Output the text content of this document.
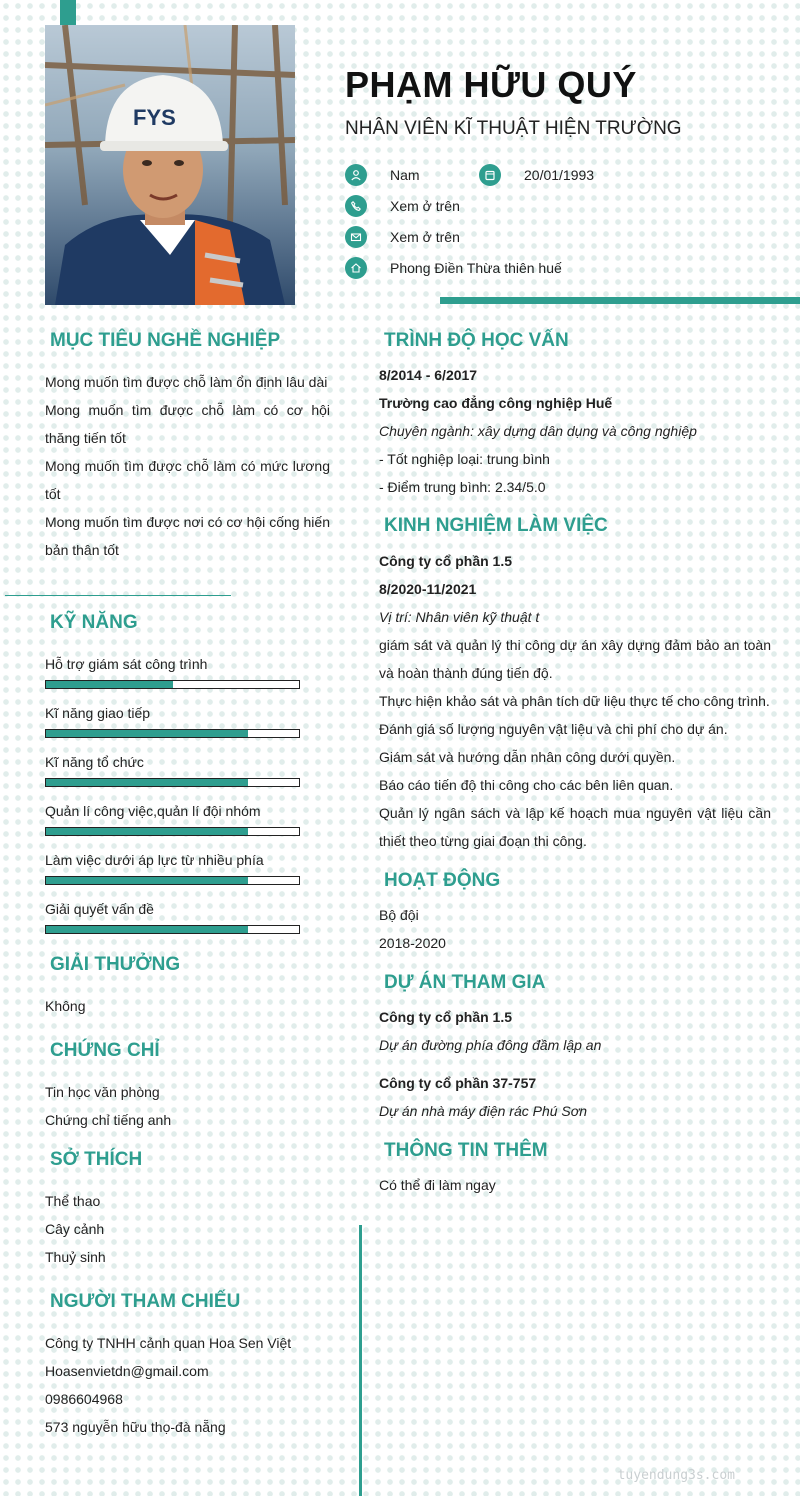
FYS
PHẠM HỮU QUÝ
NHÂN VIÊN KĨ THUẬT HIỆN TRƯỜNG
Nam	20/01/1993
Xem ở trên
Xem ở trên
Phong Điền Thừa thiên huế
MỤC TIÊU NGHỀ NGHIỆP
Mong muốn tìm được chỗ làm ổn định lâu dài
Mong muốn tìm được chỗ làm có cơ hội thăng tiến tốt
Mong muốn tìm được chỗ làm có mức lương tốt
Mong muốn tìm được nơi có cơ hội cống hiến bản thân tốt
KỸ NĂNG
Hỗ trợ giám sát công trình
Kĩ năng giao tiếp
Kĩ năng tổ chức
Quản lí công việc,quản lí đội nhóm
Làm việc dưới áp lực từ nhiều phía
Giải quyết vấn đề
GIẢI THƯỞNG
Không
CHỨNG CHỈ
Tin học văn phòng
Chứng chỉ tiếng anh
SỞ THÍCH
Thể thao
Cây cảnh
Thuỷ sinh
NGƯỜI THAM CHIẾU
Công ty TNHH cảnh quan Hoa Sen Việt
Hoasenvietdn@gmail.com
0986604968
573 nguyễn hữu thọ-đà nẵng
TRÌNH ĐỘ HỌC VẤN
8/2014 - 6/2017
Trường cao đẳng công nghiệp Huế
Chuyên ngành: xây dựng dân dụng và công nghiệp
- Tốt nghiệp loại: trung bình
- Điểm trung bình: 2.34/5.0
KINH NGHIỆM LÀM VIỆC
Công ty cổ phần 1.5
8/2020-11/2021
Vị trí: Nhân viên kỹ thuật t
giám sát và quản lý thi công dự án xây dựng đảm bảo an toàn và hoàn thành đúng tiến độ.
Thực hiện khảo sát và phân tích dữ liệu thực tế cho công trình.
Đánh giá số lượng nguyên vật liệu và chi phí cho dự án.
Giám sát và hướng dẫn nhân công dưới quyền.
Báo cáo tiến độ thi công cho các bên liên quan.
Quản lý ngân sách và lập kế hoạch mua nguyên vật liệu cần thiết theo từng giai đoạn thi công.
HOẠT ĐỘNG
Bộ đội
2018-2020
DỰ ÁN THAM GIA
Công ty cổ phần 1.5
Dự án đường phía đông đầm lập an
Công ty cổ phần 37-757
Dự án nhà máy điện rác Phú Sơn
THÔNG TIN THÊM
Có thể đi làm ngay
tuyendung3s.com
